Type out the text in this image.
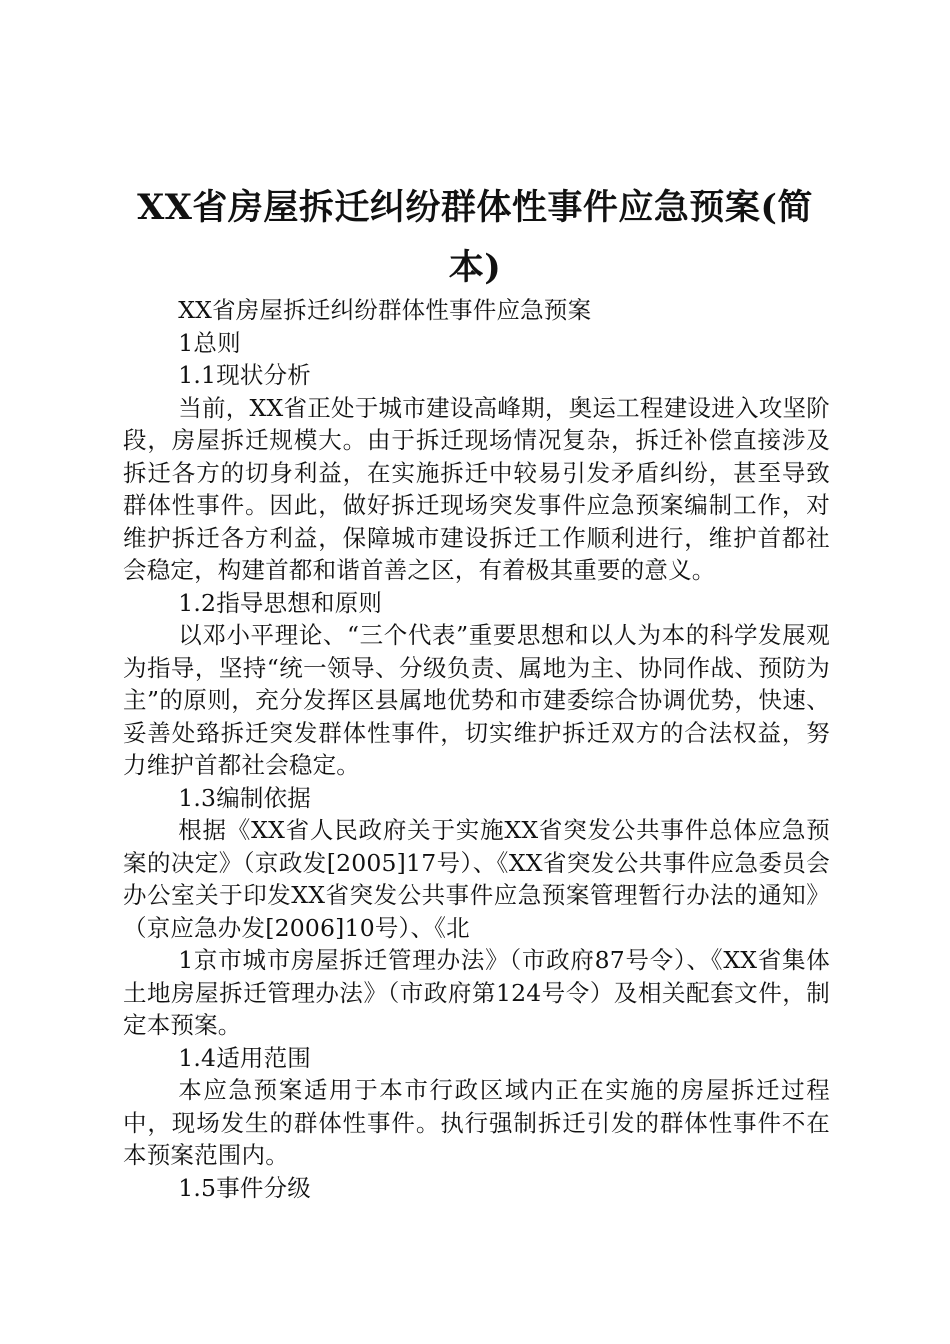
XX省房屋拆迁纠纷群体性事件应急预案(简本)

XX省房屋拆迁纠纷群体性事件应急预案

1总则

1.1现状分析

当前，XX省正处于城市建设高峰期，奥运工程建设进入攻坚阶段，房屋拆迁规模大。由于拆迁现场情况复杂，拆迁补偿直接涉及拆迁各方的切身利益，在实施拆迁中较易引发矛盾纠纷，甚至导致群体性事件。因此，做好拆迁现场突发事件应急预案编制工作，对维护拆迁各方利益，保障城市建设拆迁工作顺利进行，维护首都社会稳定，构建首都和谐首善之区，有着极其重要的意义。

1.2指导思想和原则

以邓小平理论、“三个代表”重要思想和以人为本的科学发展观为指导，坚持“统一领导、分级负责、属地为主、协同作战、预防为主”的原则，充分发挥区县属地优势和市建委综合协调优势，快速、妥善处臵拆迁突发群体性事件，切实维护拆迁双方的合法权益，努力维护首都社会稳定。

1.3编制依据

根据《XX省人民政府关于实施XX省突发公共事件总体应急预案的决定》（京政发[2005]17号）、《XX省突发公共事件应急委员会办公室关于印发XX省突发公共事件应急预案管理暂行办法的通知》（京应急办发[2006]10号）、《北

1京市城市房屋拆迁管理办法》（市政府87号令）、《XX省集体土地房屋拆迁管理办法》（市政府第124号令）及相关配套文件，制定本预案。

1.4适用范围

本应急预案适用于本市行政区域内正在实施的房屋拆迁过程中，现场发生的群体性事件。执行强制拆迁引发的群体性事件不在本预案范围内。

1.5事件分级
